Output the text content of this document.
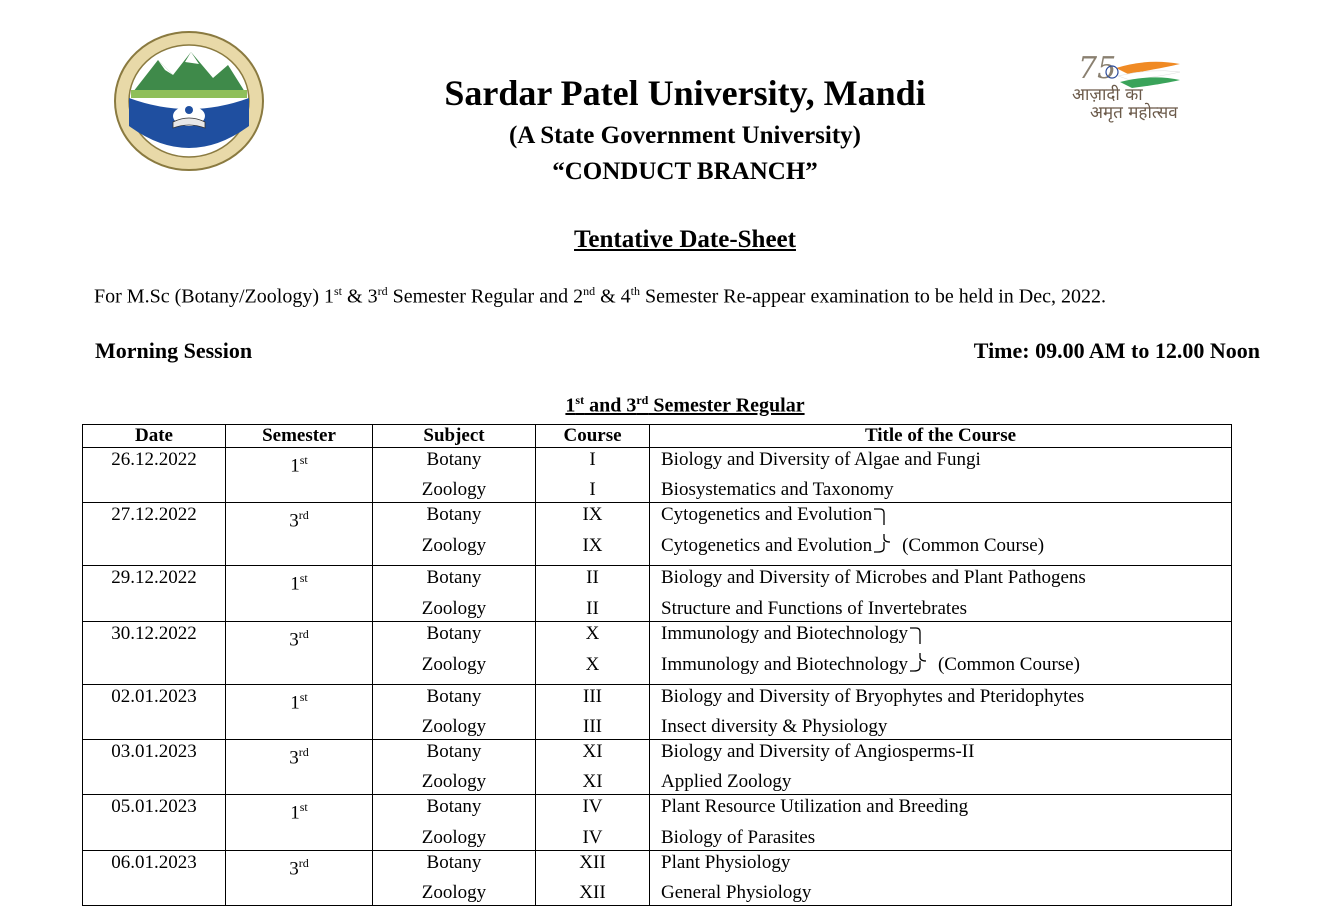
75
आज़ादी का
अमृत महोत्सव
Sardar Patel University, Mandi
(A State Government University)
“CONDUCT BRANCH”
Tentative Date-Sheet
For M.Sc (Botany/Zoology) 1st & 3rd Semester Regular and 2nd & 4th Semester Re-appear examination to be held in Dec, 2022.
Morning Session	Time: 09.00 AM to 12.00 Noon
1st and 3rd Semester Regular
Date	Semester	Subject	Course	Title of the Course
26.12.2022	1st	Botany	I	Biology and Diversity of Algae and Fungi
		Zoology	I	Biosystematics and Taxonomy
27.12.2022	3rd	Botany	IX	Cytogenetics and Evolution
		Zoology	IX	Cytogenetics and Evolution (Common Course)
29.12.2022	1st	Botany	II	Biology and Diversity of Microbes and Plant Pathogens
		Zoology	II	Structure and Functions of Invertebrates
30.12.2022	3rd	Botany	X	Immunology and Biotechnology
		Zoology	X	Immunology and Biotechnology (Common Course)
02.01.2023	1st	Botany	III	Biology and Diversity of Bryophytes and Pteridophytes
		Zoology	III	Insect diversity & Physiology
03.01.2023	3rd	Botany	XI	Biology and Diversity of Angiosperms-II
		Zoology	XI	Applied Zoology
05.01.2023	1st	Botany	IV	Plant Resource Utilization and Breeding
		Zoology	IV	Biology of Parasites
06.01.2023	3rd	Botany	XII	Plant Physiology
		Zoology	XII	General Physiology
